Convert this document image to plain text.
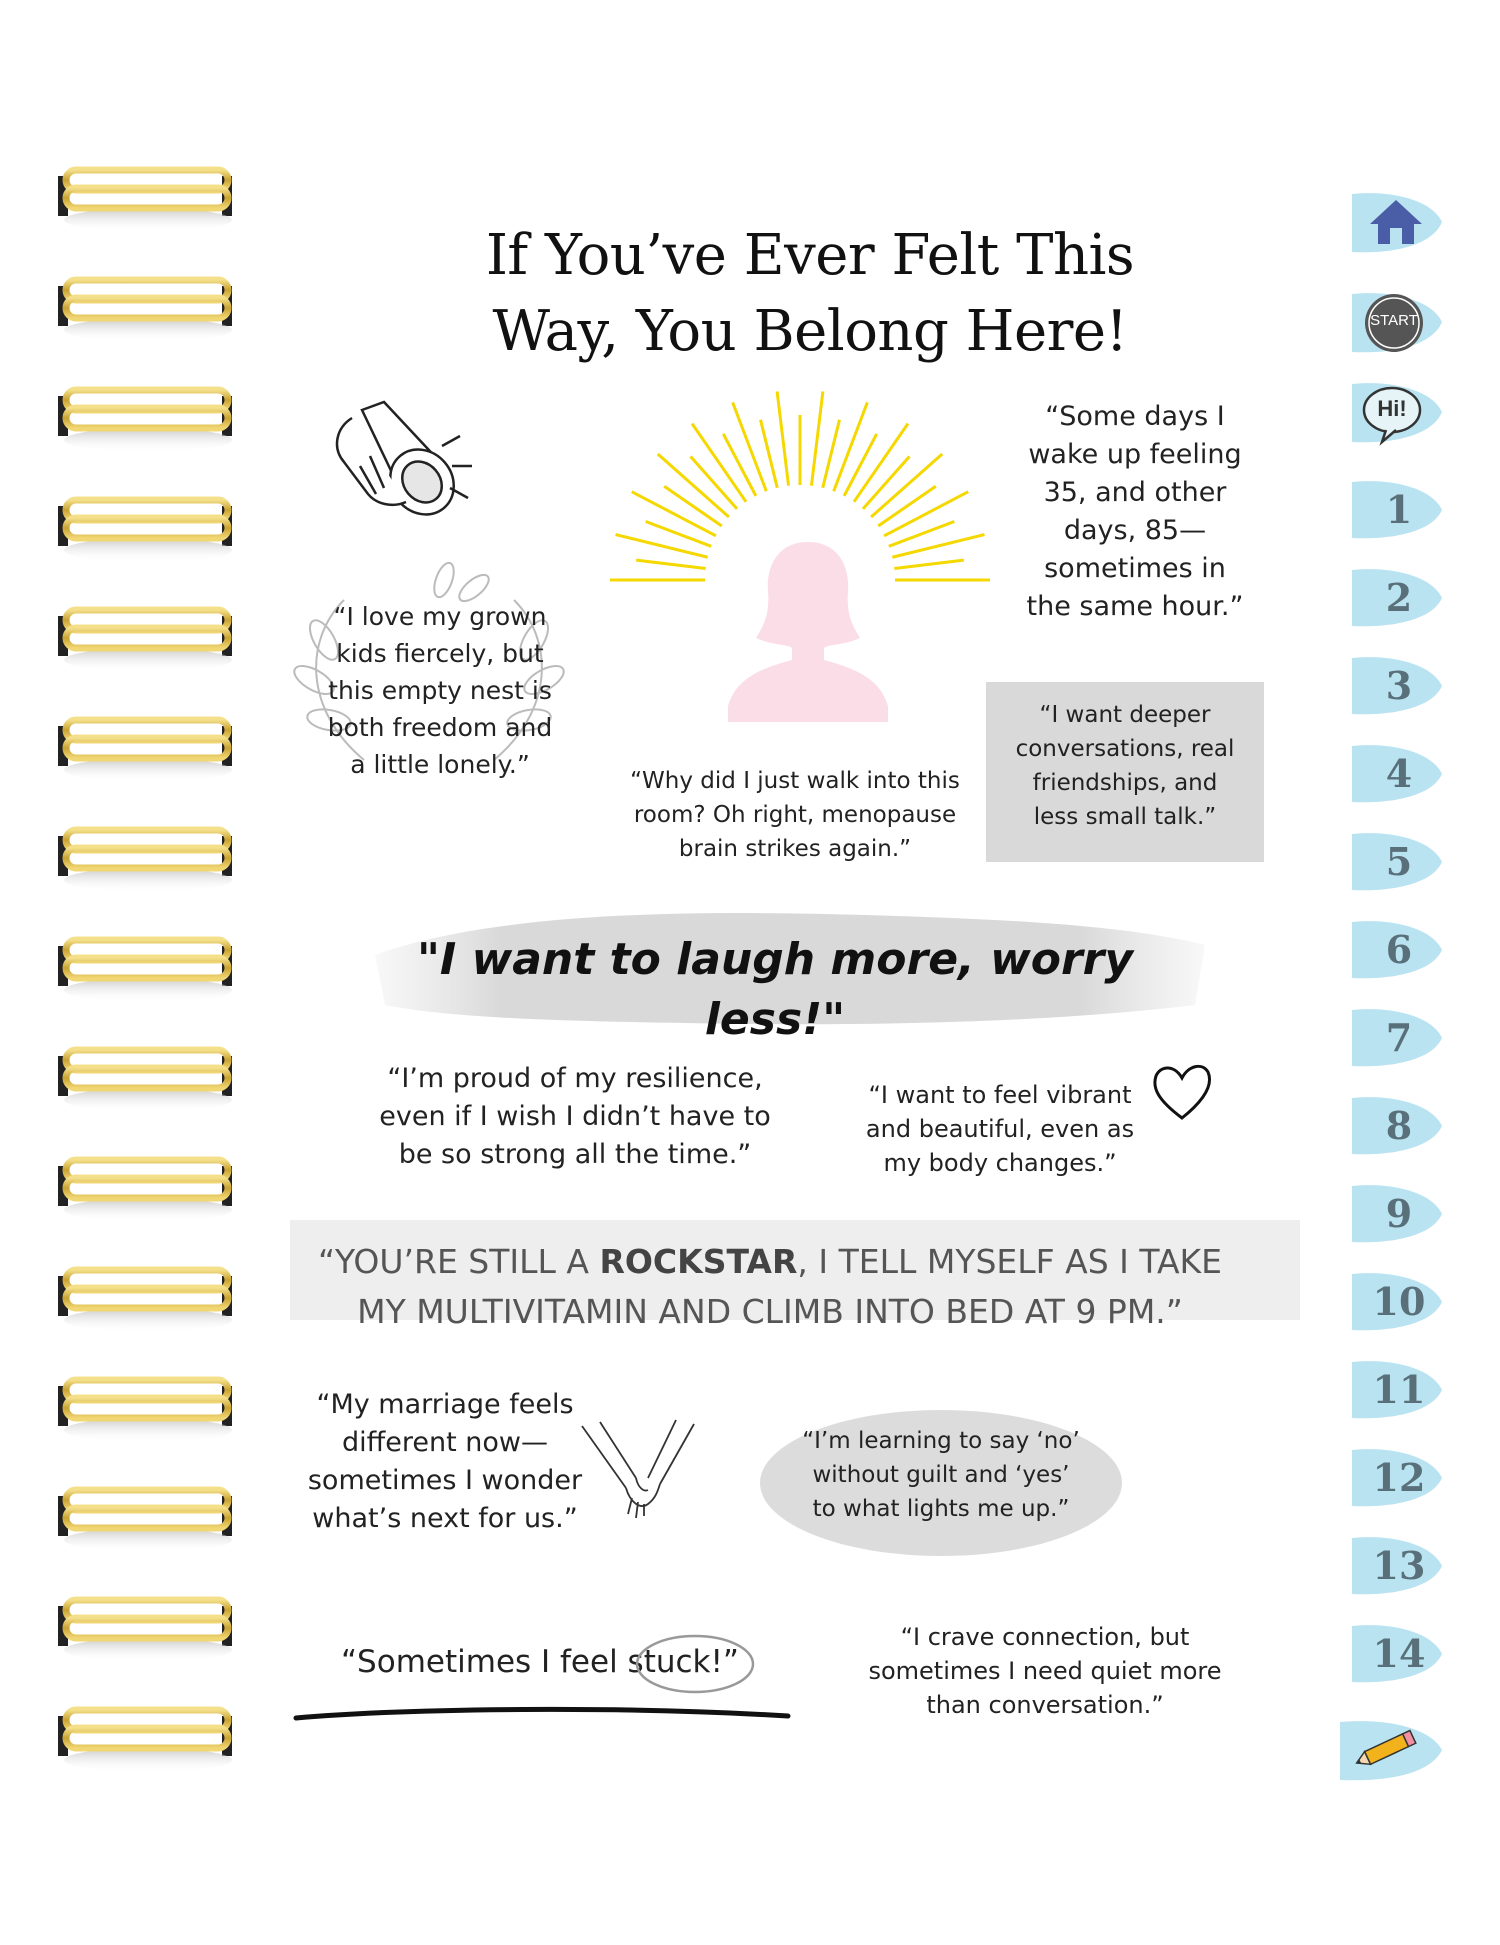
If You’ve Ever Felt This
Way, You Belong Here!
“Some days I
wake up feeling
35, and other
days, 85—
sometimes in
the same hour.”
“I love my grown
kids fiercely, but
this empty nest is
both freedom and
a little lonely.”
“I want deeper
conversations, real
friendships, and
less small talk.”
“Why did I just walk into this
room? Oh right, menopause
brain strikes again.”
"I want to laugh more, worry less!"
“I’m proud of my resilience,
even if I wish I didn’t have to
be so strong all the time.”
“I want to feel vibrant
and beautiful, even as
my body changes.”
“YOU’RE STILL A ROCKSTAR, I TELL MYSELF AS I TAKE
MY MULTIVITAMIN AND CLIMB INTO BED AT 9 PM.”
“My marriage feels
different now—
sometimes I wonder
what’s next for us.”
“I’m learning to say ‘no’
without guilt and ‘yes’
to what lights me up.”
“Sometimes I feel stuck!”
“I crave connection, but
sometimes I need quiet more
than conversation.”
START
Hi!
1
2
3
4
5
6
7
8
9
10
11
12
13
14
